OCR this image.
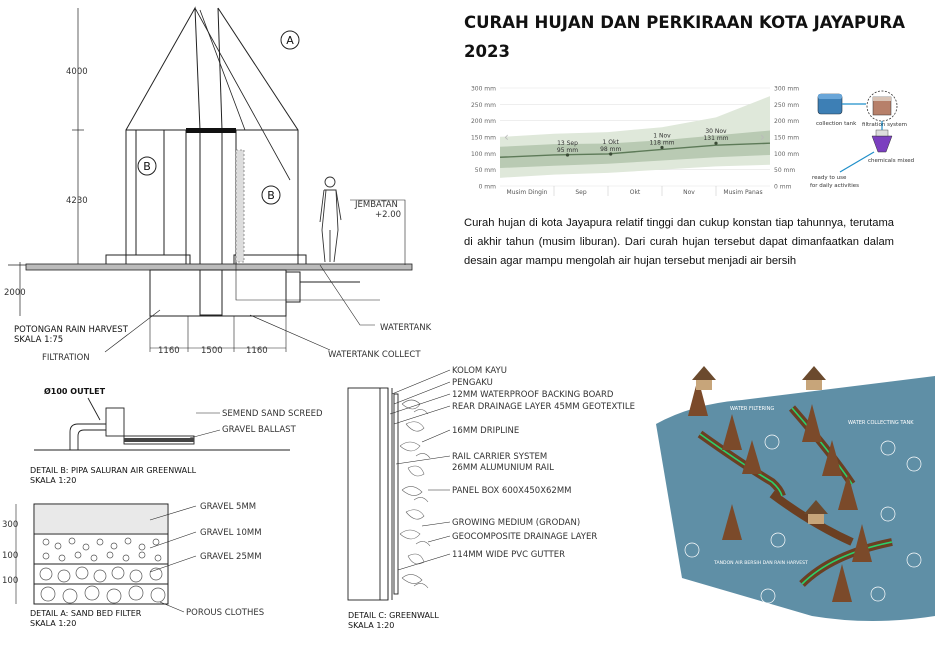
CURAH HUJAN DAN PERKIRAAN KOTA JAYAPURA 2023
0 mm	0 mm
50 mm	50 mm
100 mm	100 mm
150 mm	150 mm
200 mm	200 mm
250 mm	250 mm
300 mm	300 mm
Musim Dingin	Sep	Okt	Nov	Musim Panas
13 Sep
95 mm
1 Okt
98 mm
1 Nov
118 mm
30 Nov
131 mm
‹	›
collection tank filtration system
chemicals mixed
ready to use
for daily activities
Curah hujan di kota Jayapura relatif tinggi dan cukup konstan tiap tahunnya, terutama di akhir tahun (musim liburan). Dari curah hujan tersebut dapat dimanfaatkan dalam desain agar mampu mengolah air hujan tersebut menjadi air bersih
A
B
B
4000
4230
2000
1160	1500	1160
JEMBATAN
+2.00
WATERTANK
WATERTANK COLLECT
FILTRATION
POTONGAN RAIN HARVEST
SKALA 1:75
Ø100 OUTLET
SEMEND SAND SCREED
GRAVEL BALLAST
DETAIL B: PIPA SALURAN AIR GREENWALL
SKALA 1:20
GRAVEL 5MM
GRAVEL 10MM
GRAVEL 25MM
POROUS CLOTHES
300
100
100
DETAIL A: SAND BED FILTER
SKALA 1:20
KOLOM KAYU
PENGAKU
12MM WATERPROOF BACKING BOARD
REAR DRAINAGE LAYER 45MM GEOTEXTILE
16MM DRIPLINE
RAIL CARRIER SYSTEM
26MM ALUMUNIUM RAIL
PANEL BOX 600X450X62MM
GROWING MEDIUM (GRODAN)
GEOCOMPOSITE DRAINAGE LAYER
114MM WIDE PVC GUTTER
DETAIL C: GREENWALL
SKALA 1:20
WATER FILTERING
WATER COLLECTING TANK
TANDON AIR BERSIH DAN RAIN HARVEST
